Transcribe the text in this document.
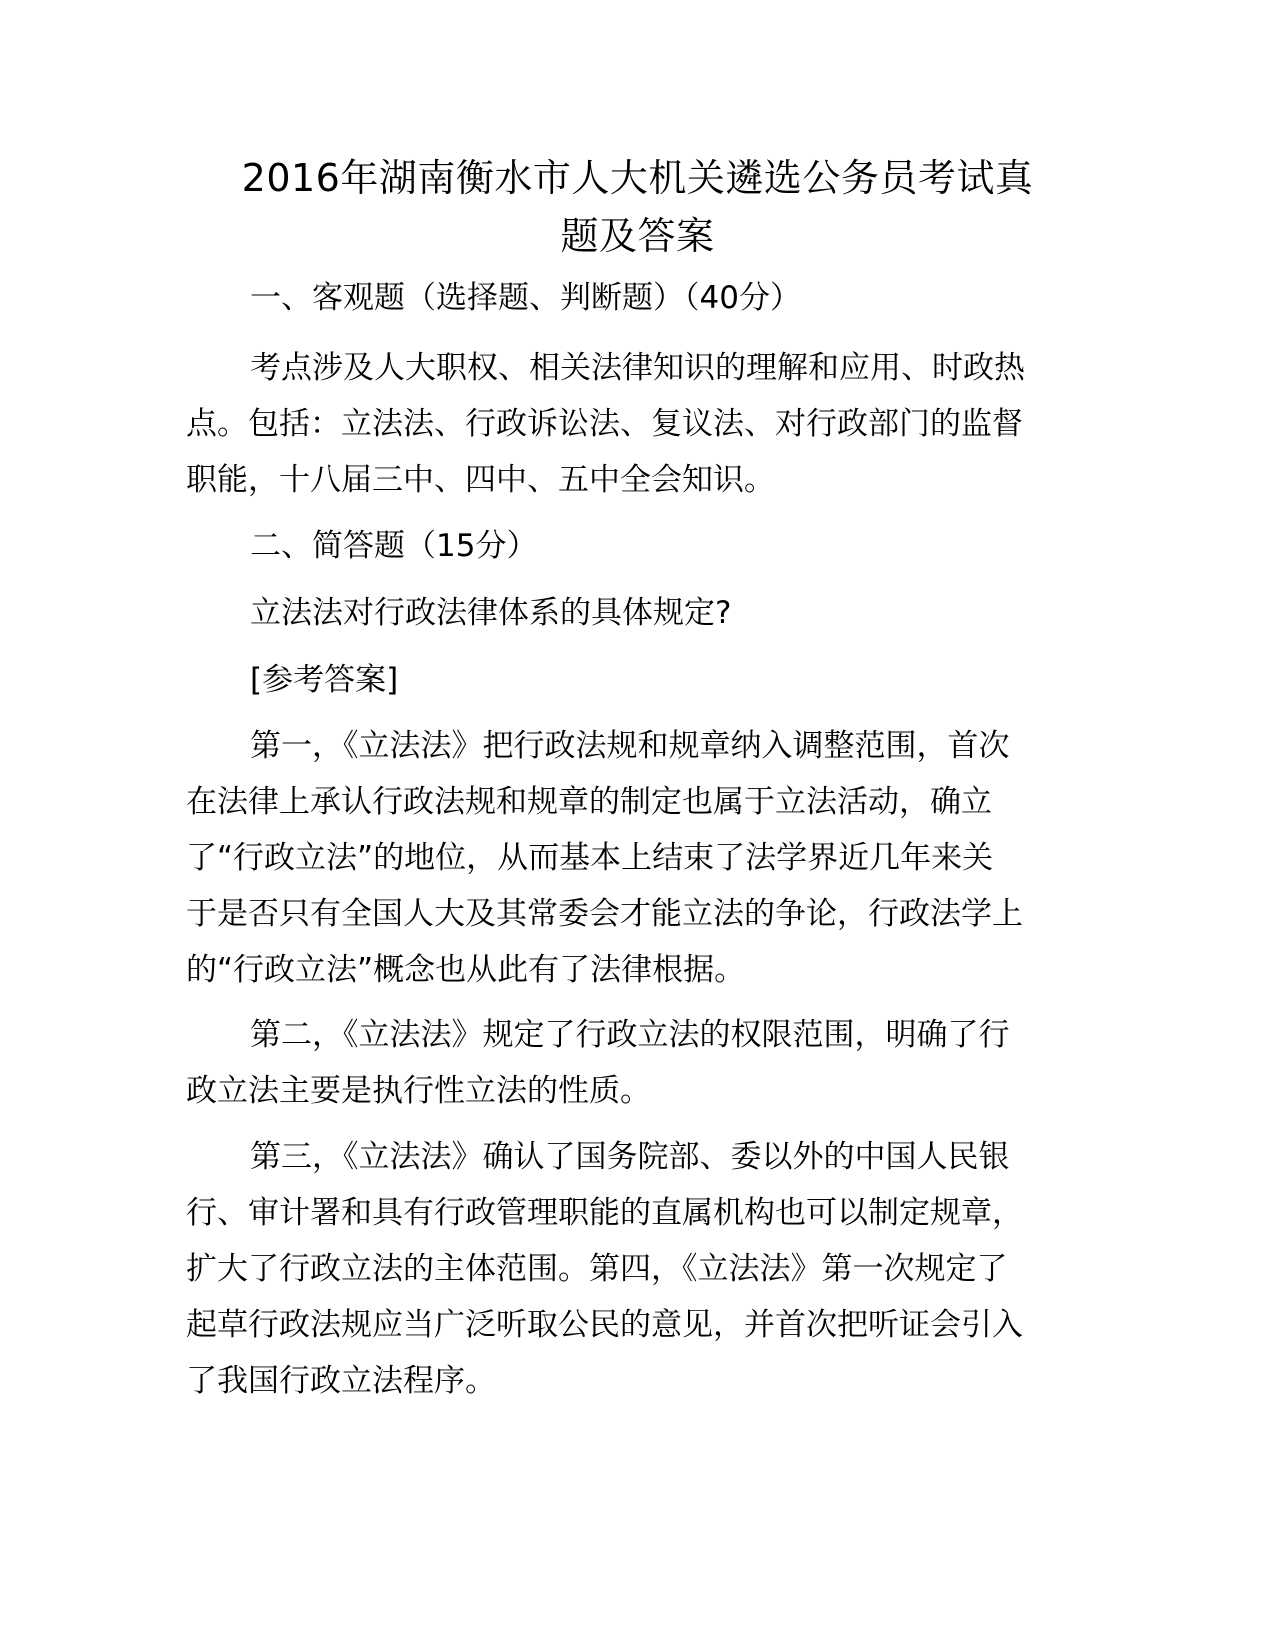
2016年湖南衡水市人大机关遴选公务员考试真
题及答案
一、客观题（选择题、判断题）（40分）
考点涉及人大职权、相关法律知识的理解和应用、时政热
点。包括：立法法、行政诉讼法、复议法、对行政部门的监督
职能，十八届三中、四中、五中全会知识。
二、简答题（15分）
立法法对行政法律体系的具体规定?
[参考答案]
第一，《立法法》把行政法规和规章纳入调整范围，首次
在法律上承认行政法规和规章的制定也属于立法活动，确立
了“行政立法”的地位，从而基本上结束了法学界近几年来关
于是否只有全国人大及其常委会才能立法的争论，行政法学上
的“行政立法”概念也从此有了法律根据。
第二，《立法法》规定了行政立法的权限范围，明确了行
政立法主要是执行性立法的性质。
第三，《立法法》确认了国务院部、委以外的中国人民银
行、审计署和具有行政管理职能的直属机构也可以制定规章，
扩大了行政立法的主体范围。第四，《立法法》第一次规定了
起草行政法规应当广泛听取公民的意见，并首次把听证会引入
了我国行政立法程序。
